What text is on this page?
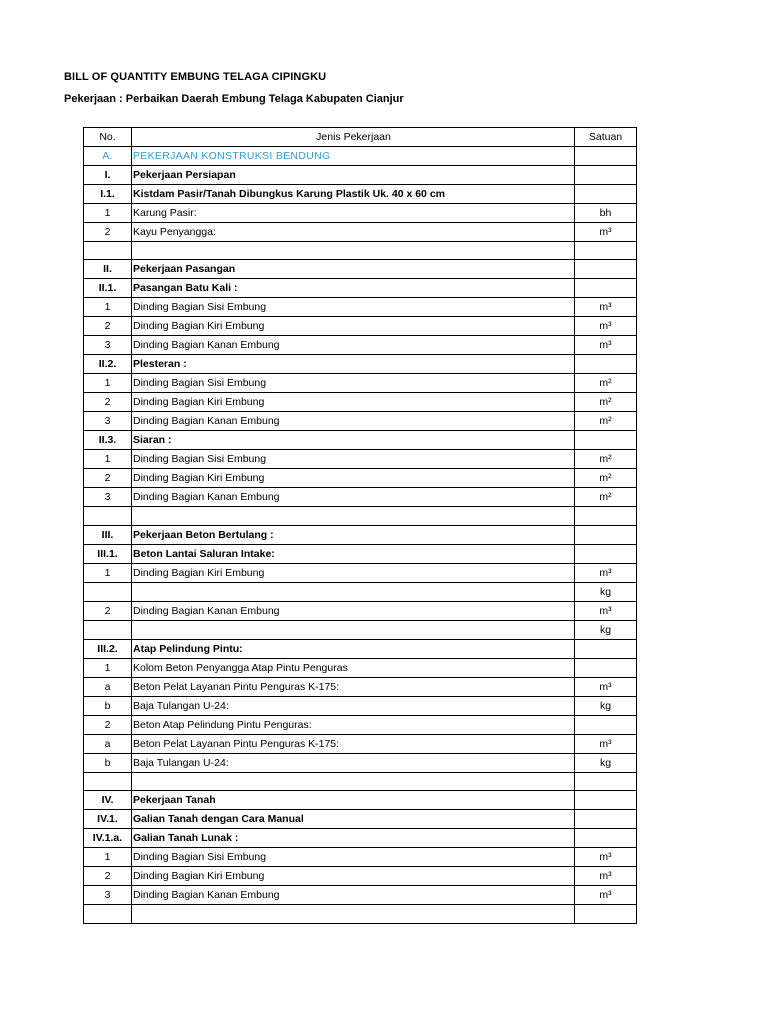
BILL OF QUANTITY EMBUNG TELAGA CIPINGKU
Pekerjaan : Perbaikan Daerah Embung Telaga Kabupaten Cianjur
No.	Jenis Pekerjaan	Satuan
A.	PEKERJAAN KONSTRUKSI BENDUNG	
I.	Pekerjaan Persiapan	
I.1.	Kistdam Pasir/Tanah Dibungkus Karung Plastik Uk. 40 x 60 cm	
1	Karung Pasir:	bh
2	Kayu Penyangga:	m³

II.	Pekerjaan Pasangan	
II.1.	Pasangan Batu Kali :	
1	Dinding Bagian Sisi Embung	m³
2	Dinding Bagian Kiri Embung	m³
3	Dinding Bagian Kanan Embung	m³
II.2.	Plesteran :	
1	Dinding Bagian Sisi Embung	m²
2	Dinding Bagian Kiri Embung	m²
3	Dinding Bagian Kanan Embung	m²
II.3.	Siaran :	
1	Dinding Bagian Sisi Embung	m²
2	Dinding Bagian Kiri Embung	m²
3	Dinding Bagian Kanan Embung	m²

III.	Pekerjaan Beton Bertulang :	
III.1.	Beton Lantai Saluran Intake:	
1	Dinding Bagian Kiri Embung	m³
		kg
2	Dinding Bagian Kanan Embung	m³
		kg
III.2.	Atap Pelindung Pintu:	
1	Kolom Beton Penyangga Atap Pintu Penguras	
a	Beton Pelat Layanan Pintu Penguras K-175:	m³
b	Baja Tulangan U-24:	kg
2	Beton Atap Pelindung Pintu Penguras:	
a	Beton Pelat Layanan Pintu Penguras K-175:	m³
b	Baja Tulangan U-24:	kg

IV.	Pekerjaan Tanah	
IV.1.	Galian Tanah dengan Cara Manual	
IV.1.a.	Galian Tanah Lunak :	
1	Dinding Bagian Sisi Embung	m³
2	Dinding Bagian Kiri Embung	m³
3	Dinding Bagian Kanan Embung	m³
